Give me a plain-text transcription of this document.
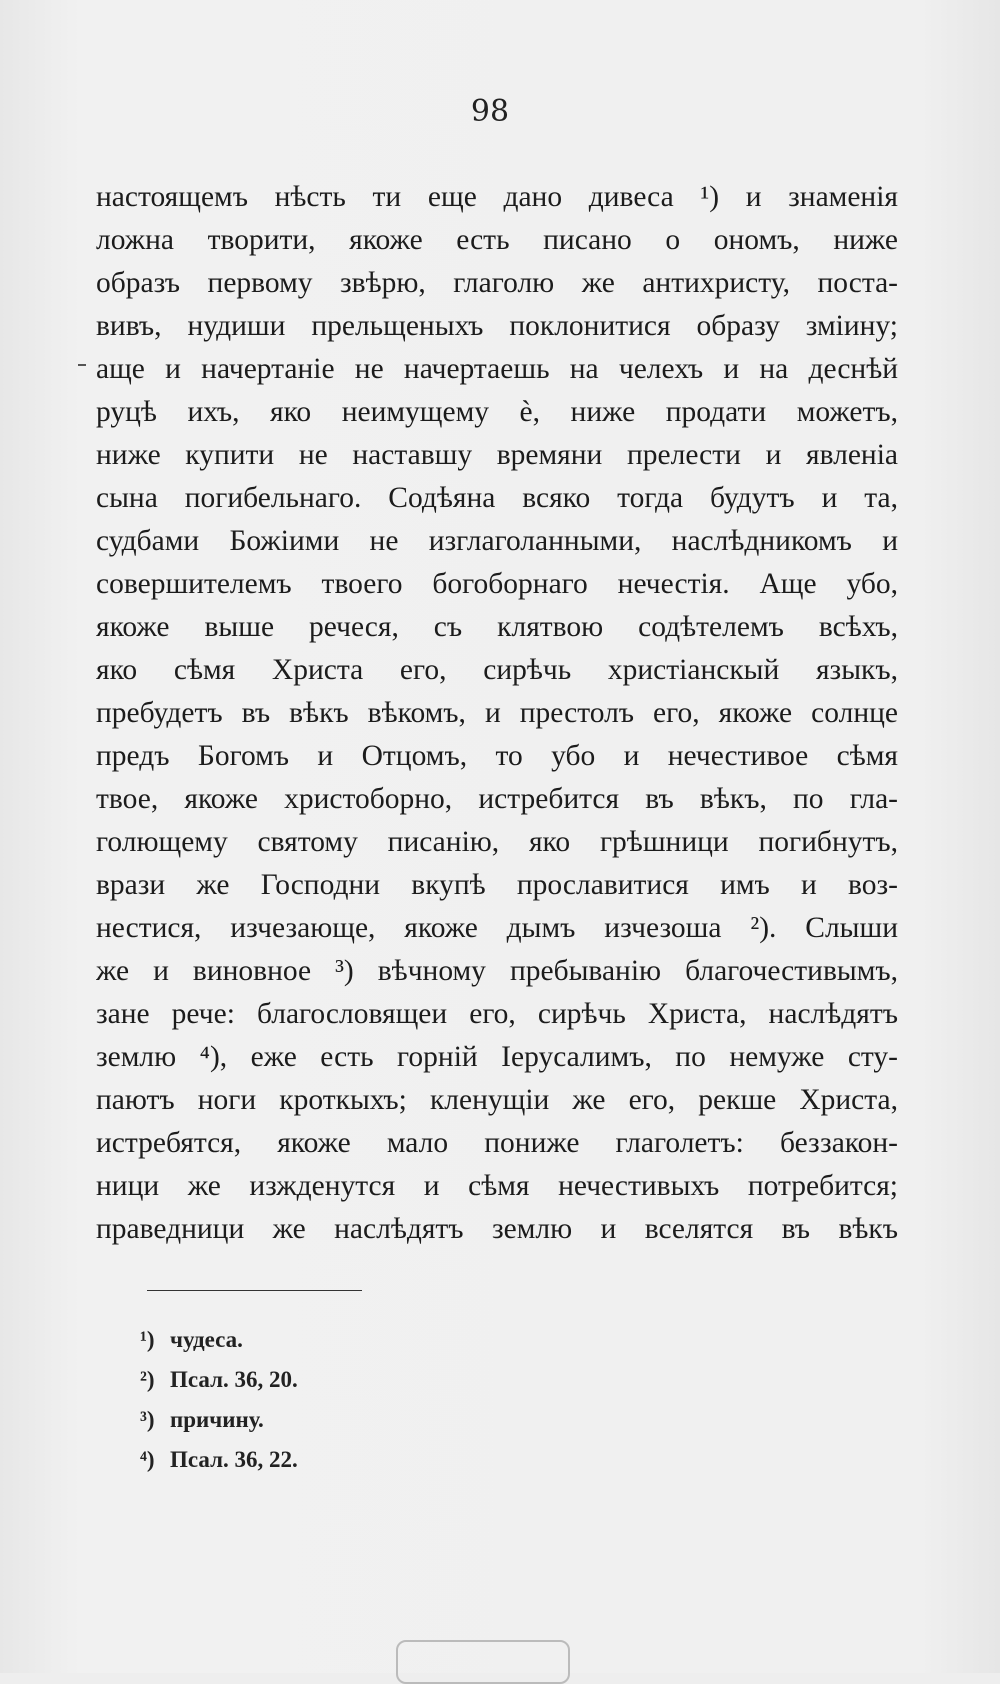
98
настоящемъ нѣсть ти еще дано дивеса ¹) и знаменія
ложна творити, якоже есть писано о ономъ, ниже
образъ первому звѣрю, глаголю же антихристу, поста-
вивъ, нудиши прельщеныхъ поклонитися образу зміину;
аще и начертаніе не начертаешь на челехъ и на деснѣй
руцѣ ихъ, яко неимущему è, ниже продати можетъ,
ниже купити не наставшу времяни прелести и явленіа
сына погибельнаго. Содѣяна всяко тогда будутъ и та,
судбами Божіими не изглаголанными, наслѣдникомъ и
совершителемъ твоего богоборнаго нечестія. Аще убо,
якоже выше речеся, съ клятвою содѣтелемъ всѣхъ,
яко сѣмя Христа его, сирѣчь христіанскый языкъ,
пребудетъ въ вѣкъ вѣкомъ, и престолъ его, якоже солнце
предъ Богомъ и Отцомъ, то убо и нечестивое сѣмя
твое, якоже христоборно, истребится въ вѣкъ, по гла-
голющему святому писанію, яко грѣшници погибнутъ,
врази же Господни вкупѣ прославитися имъ и воз-
нестися, изчезающе, якоже дымъ изчезоша ²). Слыши
же и виновное ³) вѣчному пребыванію благочестивымъ,
зане рече: благословящеи его, сирѣчь Христа, наслѣдятъ
землю ⁴), еже есть горній Іерусалимъ, по немуже сту-
паютъ ноги кроткыхъ; кленущіи же его, рекше Христа,
истребятся, якоже мало пониже глаголетъ: беззакон-
ници же изжденутся и сѣмя нечестивыхъ потребится;
праведници же наслѣдятъ землю и вселятся въ вѣкъ
¹) чудеса.
²) Псал. 36, 20.
³) причину.
⁴) Псал. 36, 22.
